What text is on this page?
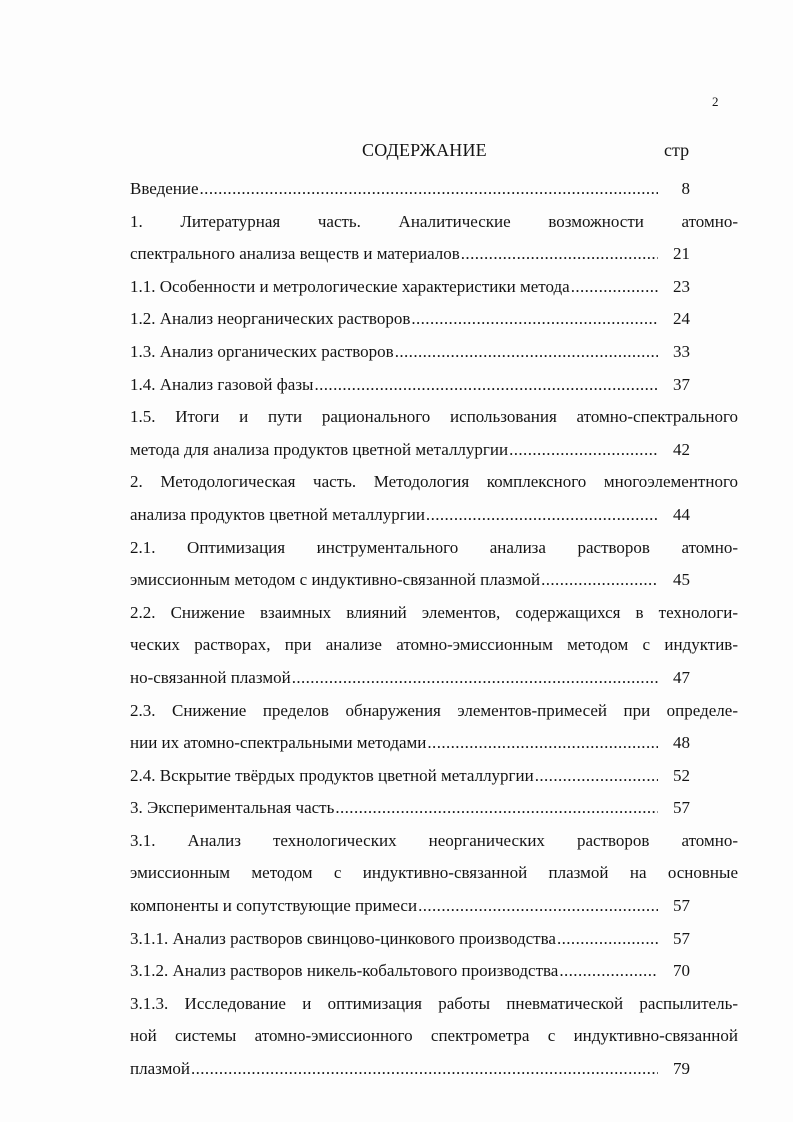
2
СОДЕРЖАНИЕ	стр
Введение .....	8
1. Литературная часть. Аналитические возможности атомно-
спектрального анализа веществ и материалов .....	21
1.1. Особенности и метрологические характеристики метода .....	23
1.2. Анализ неорганических растворов .....	24
1.3. Анализ органических растворов .....	33
1.4. Анализ газовой фазы .....	37
1.5. Итоги и пути рационального использования атомно-спектрального
метода для анализа продуктов цветной металлургии .....	42
2. Методологическая часть. Методология комплексного многоэлементного
анализа продуктов цветной металлургии .....	44
2.1. Оптимизация инструментального анализа растворов атомно-
эмиссионным методом с индуктивно-связанной плазмой .....	45
2.2. Снижение взаимных влияний элементов, содержащихся в технологи-
ческих растворах, при анализе атомно-эмиссионным методом с индуктив-
но-связанной плазмой .....	47
2.3. Снижение пределов обнаружения элементов-примесей при определе-
нии их атомно-спектральными методами .....	48
2.4. Вскрытие твёрдых продуктов цветной металлургии .....	52
3. Экспериментальная часть .....	57
3.1. Анализ технологических неорганических растворов атомно-
эмиссионным методом с индуктивно-связанной плазмой на основные
компоненты и сопутствующие примеси .....	57
3.1.1. Анализ растворов свинцово-цинкового производства .....	57
3.1.2. Анализ растворов никель-кобальтового производства .....	70
3.1.3. Исследование и оптимизация работы пневматической распылитель-
ной системы атомно-эмиссионного спектрометра с индуктивно-связанной
плазмой .....	79
